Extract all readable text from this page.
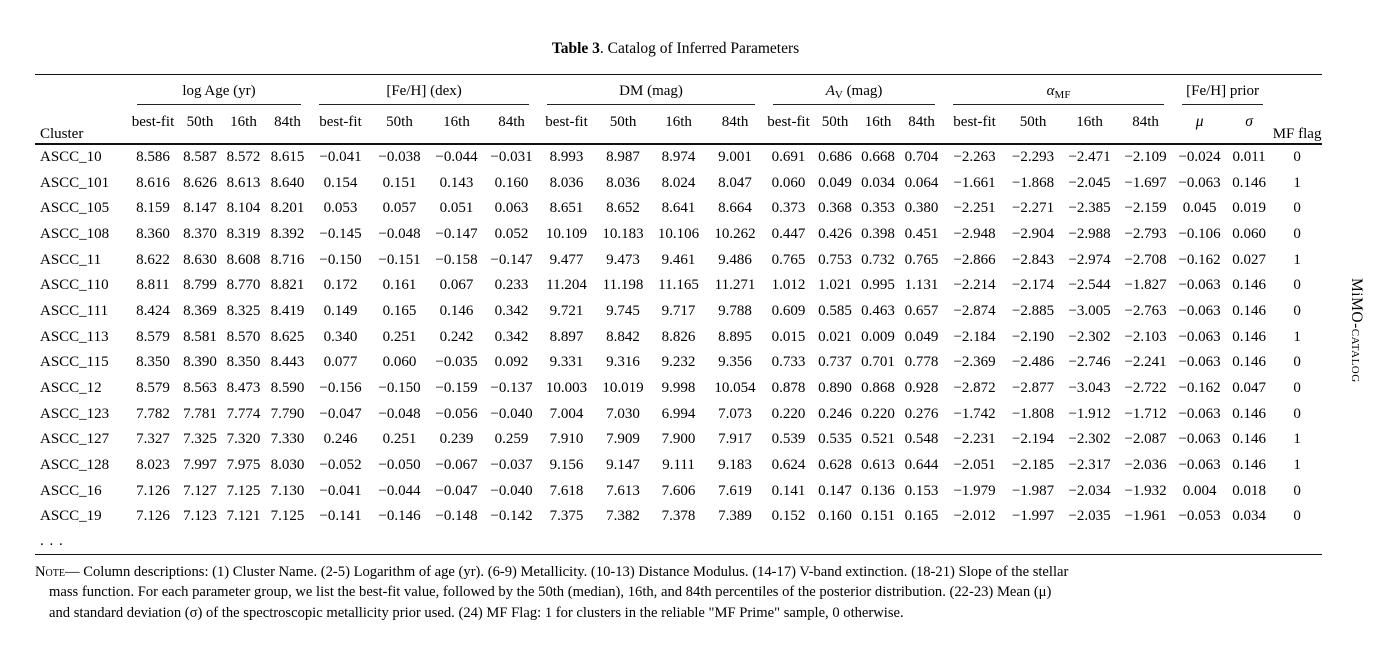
Table 3. Catalog of Inferred Parameters
Cluster	log Age (yr)				[Fe/H] (dex)				DM (mag)				$A_V$ (mag)				$\alpha_{MF}$				[Fe/H] prior		MF flag
	best-fit	50th	16th	84th	best-fit	50th	16th	84th	best-fit	50th	16th	84th	best-fit	50th	16th	84th	best-fit	50th	16th	84th	μ	σ	
ASCC_10	8.586	8.587	8.572	8.615	−0.041	−0.038	−0.044	−0.031	8.993	8.987	8.974	9.001	0.691	0.686	0.668	0.704	−2.263	−2.293	−2.471	−2.109	−0.024	0.011	0
ASCC_101	8.616	8.626	8.613	8.640	0.154	0.151	0.143	0.160	8.036	8.036	8.024	8.047	0.060	0.049	0.034	0.064	−1.661	−1.868	−2.045	−1.697	−0.063	0.146	1
ASCC_105	8.159	8.147	8.104	8.201	0.053	0.057	0.051	0.063	8.651	8.652	8.641	8.664	0.373	0.368	0.353	0.380	−2.251	−2.271	−2.385	−2.159	0.045	0.019	0
ASCC_108	8.360	8.370	8.319	8.392	−0.145	−0.048	−0.147	0.052	10.109	10.183	10.106	10.262	0.447	0.426	0.398	0.451	−2.948	−2.904	−2.988	−2.793	−0.106	0.060	0
ASCC_11	8.622	8.630	8.608	8.716	−0.150	−0.151	−0.158	−0.147	9.477	9.473	9.461	9.486	0.765	0.753	0.732	0.765	−2.866	−2.843	−2.974	−2.708	−0.162	0.027	1
ASCC_110	8.811	8.799	8.770	8.821	0.172	0.161	0.067	0.233	11.204	11.198	11.165	11.271	1.012	1.021	0.995	1.131	−2.214	−2.174	−2.544	−1.827	−0.063	0.146	0
ASCC_111	8.424	8.369	8.325	8.419	0.149	0.165	0.146	0.342	9.721	9.745	9.717	9.788	0.609	0.585	0.463	0.657	−2.874	−2.885	−3.005	−2.763	−0.063	0.146	0
ASCC_113	8.579	8.581	8.570	8.625	0.340	0.251	0.242	0.342	8.897	8.842	8.826	8.895	0.015	0.021	0.009	0.049	−2.184	−2.190	−2.302	−2.103	−0.063	0.146	1
ASCC_115	8.350	8.390	8.350	8.443	0.077	0.060	−0.035	0.092	9.331	9.316	9.232	9.356	0.733	0.737	0.701	0.778	−2.369	−2.486	−2.746	−2.241	−0.063	0.146	0
ASCC_12	8.579	8.563	8.473	8.590	−0.156	−0.150	−0.159	−0.137	10.003	10.019	9.998	10.054	0.878	0.890	0.868	0.928	−2.872	−2.877	−3.043	−2.722	−0.162	0.047	0
ASCC_123	7.782	7.781	7.774	7.790	−0.047	−0.048	−0.056	−0.040	7.004	7.030	6.994	7.073	0.220	0.246	0.220	0.276	−1.742	−1.808	−1.912	−1.712	−0.063	0.146	0
ASCC_127	7.327	7.325	7.320	7.330	0.246	0.251	0.239	0.259	7.910	7.909	7.900	7.917	0.539	0.535	0.521	0.548	−2.231	−2.194	−2.302	−2.087	−0.063	0.146	1
ASCC_128	8.023	7.997	7.975	8.030	−0.052	−0.050	−0.067	−0.037	9.156	9.147	9.111	9.183	0.624	0.628	0.613	0.644	−2.051	−2.185	−2.317	−2.036	−0.063	0.146	1
ASCC_16	7.126	7.127	7.125	7.130	−0.041	−0.044	−0.047	−0.040	7.618	7.613	7.606	7.619	0.141	0.147	0.136	0.153	−1.979	−1.987	−2.034	−1.932	0.004	0.018	0
ASCC_19	7.126	7.123	7.121	7.125	−0.141	−0.146	−0.148	−0.142	7.375	7.382	7.378	7.389	0.152	0.160	0.151	0.165	−2.012	−1.997	−2.035	−1.961	−0.053	0.034	0
. . .																							
Note— Column descriptions: (1) Cluster Name. (2-5) Logarithm of age (yr). (6-9) Metallicity. (10-13) Distance Modulus. (14-17) V-band extinction. (18-21) Slope of the stellar mass function. For each parameter group, we list the best-fit value, followed by the 50th (median), 16th, and 84th percentiles of the posterior distribution. (22-23) Mean (μ) and standard deviation (σ) of the spectroscopic metallicity prior used. (24) MF Flag: 1 for clusters in the reliable "MF Prime" sample, 0 otherwise.
MiMO-catalog
